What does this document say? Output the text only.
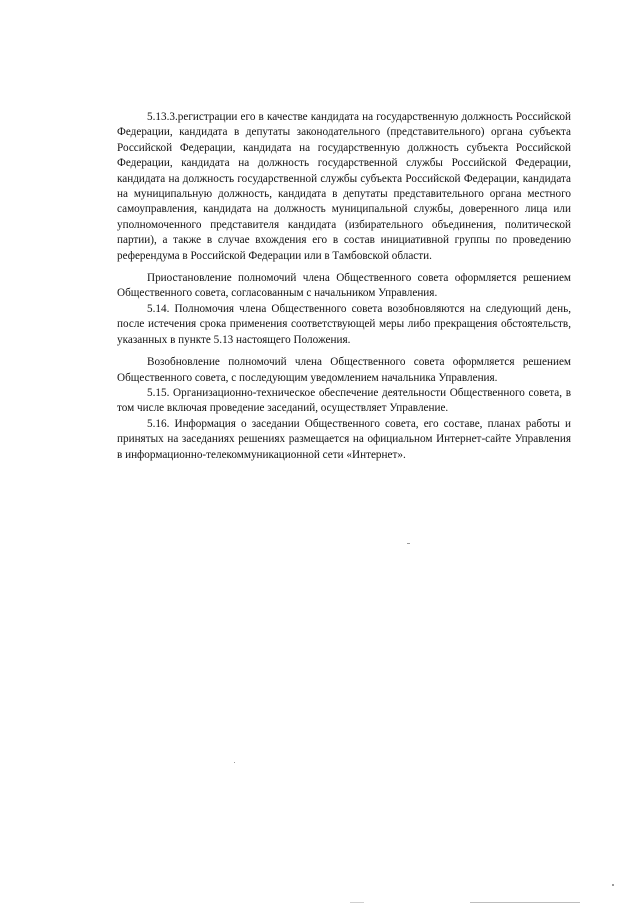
5.13.3.регистрации его в качестве кандидата на государственную должность Российской Федерации, кандидата в депутаты законодательного (представительного) органа субъекта Российской Федерации, кандидата на государственную должность субъекта Российской Федерации, кандидата на должность государственной службы Российской Федерации, кандидата на должность государственной службы субъекта Российской Федерации, кандидата на муниципальную должность, кандидата в депутаты представительного органа местного самоуправления, кандидата на должность муниципальной службы, доверенного лица или уполномоченного представителя кандидата (избирательного объединения, политической партии), а также в случае вхождения его в состав инициативной группы по проведению референдума в Российской Федерации или в Тамбовской области.

Приостановление полномочий члена Общественного совета оформляется решением Общественного совета, согласованным с начальником Управления.

5.14. Полномочия члена Общественного совета возобновляются на следующий день, после истечения срока применения соответствующей меры либо прекращения обстоятельств, указанных в пункте 5.13 настоящего Положения.

Возобновление полномочий члена Общественного совета оформляется решением Общественного совета, с последующим уведомлением начальника Управления.

5.15. Организационно-техническое обеспечение деятельности Общественного совета, в том числе включая проведение заседаний, осуществляет Управление.

5.16. Информация о заседании Общественного совета, его составе, планах работы и принятых на заседаниях решениях размещается на официальном Интернет-сайте Управления в информационно-телекоммуникационной сети «Интернет».
